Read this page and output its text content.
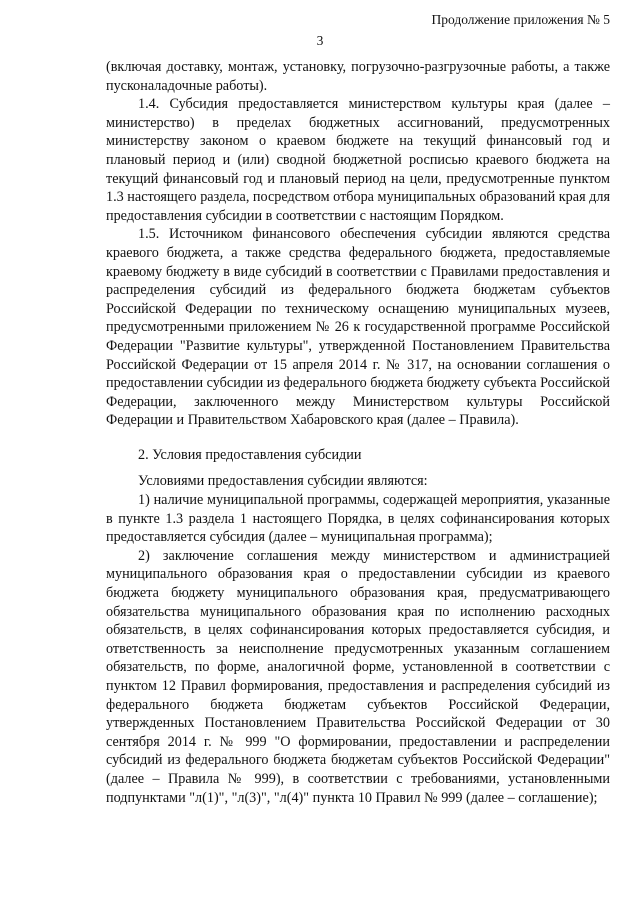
Продолжение приложения № 5
3

(включая доставку, монтаж, установку, погрузочно-разгрузочные работы, а также пусконаладочные работы).

1.4. Субсидия предоставляется министерством культуры края (далее – министерство) в пределах бюджетных ассигнований, предусмотренных министерству законом о краевом бюджете на текущий финансовый год и плановый период и (или) сводной бюджетной росписью краевого бюджета на текущий финансовый год и плановый период на цели, предусмотренные пунктом 1.3 настоящего раздела, посредством отбора муниципальных образований края для предоставления субсидии в соответствии с настоящим Порядком.

1.5. Источником финансового обеспечения субсидии являются средства краевого бюджета, а также средства федерального бюджета, предоставляемые краевому бюджету в виде субсидий в соответствии с Правилами предоставления и распределения субсидий из федерального бюджета бюджетам субъектов Российской Федерации по техническому оснащению муниципальных музеев, предусмотренными приложением № 26 к государственной программе Российской Федерации "Развитие культуры", утвержденной Постановлением Правительства Российской Федерации от 15 апреля 2014 г. № 317, на основании соглашения о предоставлении субсидии из федерального бюджета бюджету субъекта Российской Федерации, заключенного между Министерством культуры Российской Федерации и Правительством Хабаровского края (далее – Правила).

2. Условия предоставления субсидии

Условиями предоставления субсидии являются:

1) наличие муниципальной программы, содержащей мероприятия, указанные в пункте 1.3 раздела 1 настоящего Порядка, в целях софинансирования которых предоставляется субсидия (далее – муниципальная программа);

2) заключение соглашения между министерством и администрацией муниципального образования края о предоставлении субсидии из краевого бюджета бюджету муниципального образования края, предусматривающего обязательства муниципального образования края по исполнению расходных обязательств, в целях софинансирования которых предоставляется субсидия, и ответственность за неисполнение предусмотренных указанным соглашением обязательств, по форме, аналогичной форме, установленной в соответствии с пунктом 12 Правил формирования, предоставления и распределения субсидий из федерального бюджета бюджетам субъектов Российской Федерации, утвержденных Постановлением Правительства Российской Федерации от 30 сентября 2014 г. № 999 "О формировании, предоставлении и распределении субсидий из федерального бюджета бюджетам субъектов Российской Федерации" (далее – Правила № 999), в соответствии с требованиями, установленными подпунктами "л(1)", "л(3)", "л(4)" пункта 10 Правил № 999 (далее – соглашение);
